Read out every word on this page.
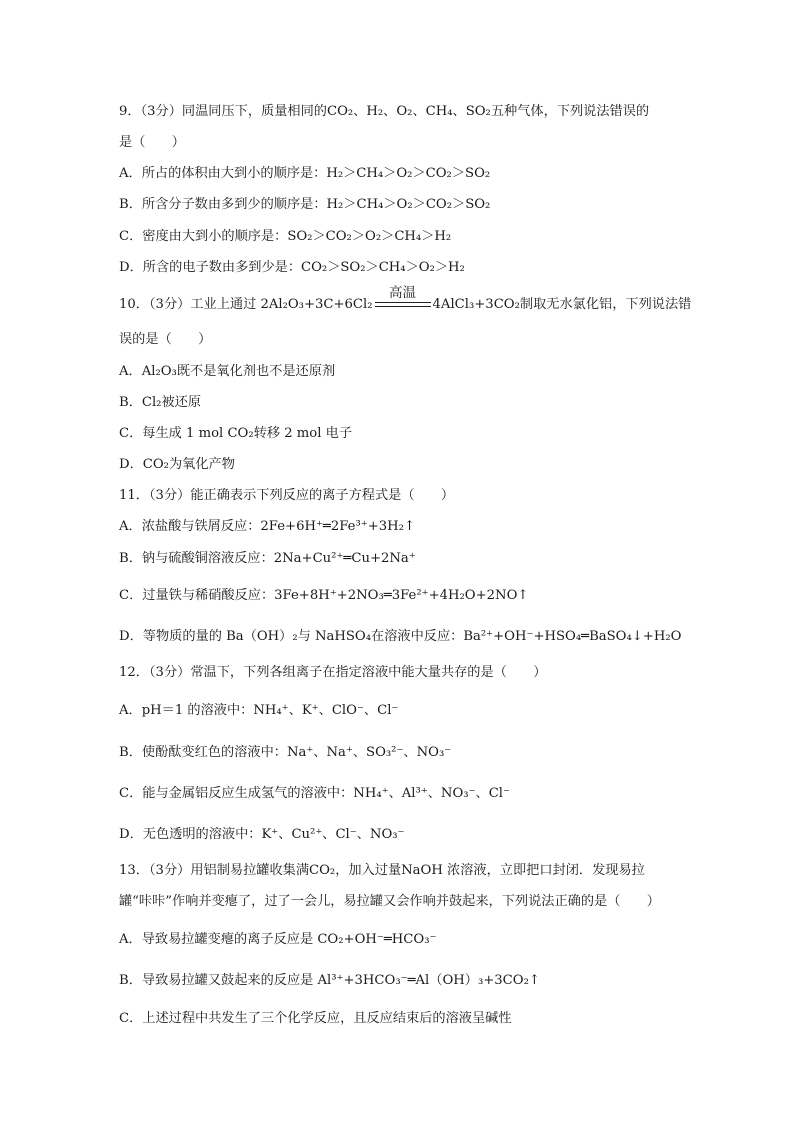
9．（3分）同温同压下，质量相同的CO₂、H₂、O₂、CH₄、SO₂五种气体，下列说法错误的
是（　　）
A．所占的体积由大到小的顺序是：H₂＞CH₄＞O₂＞CO₂＞SO₂
B．所含分子数由多到少的顺序是：H₂＞CH₄＞O₂＞CO₂＞SO₂
C．密度由大到小的顺序是：SO₂＞CO₂＞O₂＞CH₄＞H₂
D．所含的电子数由多到少是：CO₂＞SO₂＞CH₄＞O₂＞H₂
10．（3分）工业上通过 2Al₂O₃+3C+6Cl₂
高温
4AlCl₃+3CO₂制取无水氯化铝，下列说法错
误的是（　　）
A．Al₂O₃既不是氧化剂也不是还原剂
B．Cl₂被还原
C．每生成 1 mol CO₂转移 2 mol 电子
D．CO₂为氧化产物
11．（3分）能正确表示下列反应的离子方程式是（　　）
A．浓盐酸与铁屑反应：2Fe+6H⁺═2Fe³⁺+3H₂↑
B．钠与硫酸铜溶液反应：2Na+Cu²⁺═Cu+2Na⁺
C．过量铁与稀硝酸反应：3Fe+8H⁺+2NO₃═3Fe²⁺+4H₂O+2NO↑
D．等物质的量的 Ba（OH）₂与 NaHSO₄在溶液中反应：Ba²⁺+OH⁻+HSO₄═BaSO₄↓+H₂O
12．（3分）常温下，下列各组离子在指定溶液中能大量共存的是（　　）
A．pH＝1 的溶液中：NH₄⁺、K⁺、ClO⁻、Cl⁻
B．使酚酞变红色的溶液中：Na⁺、Na⁺、SO₃²⁻、NO₃⁻
C．能与金属铝反应生成氢气的溶液中：NH₄⁺、Al³⁺、NO₃⁻、Cl⁻
D．无色透明的溶液中：K⁺、Cu²⁺、Cl⁻、NO₃⁻
13．（3分）用铝制易拉罐收集满CO₂，加入过量NaOH 浓溶液，立即把口封闭．发现易拉
罐“咔咔”作响并变瘪了，过了一会儿，易拉罐又会作响并鼓起来，下列说法正确的是（　　）
A．导致易拉罐变瘪的离子反应是 CO₂+OH⁻═HCO₃⁻
B．导致易拉罐又鼓起来的反应是 Al³⁺+3HCO₃⁻═Al（OH）₃+3CO₂↑
C．上述过程中共发生了三个化学反应，且反应结束后的溶液呈碱性
